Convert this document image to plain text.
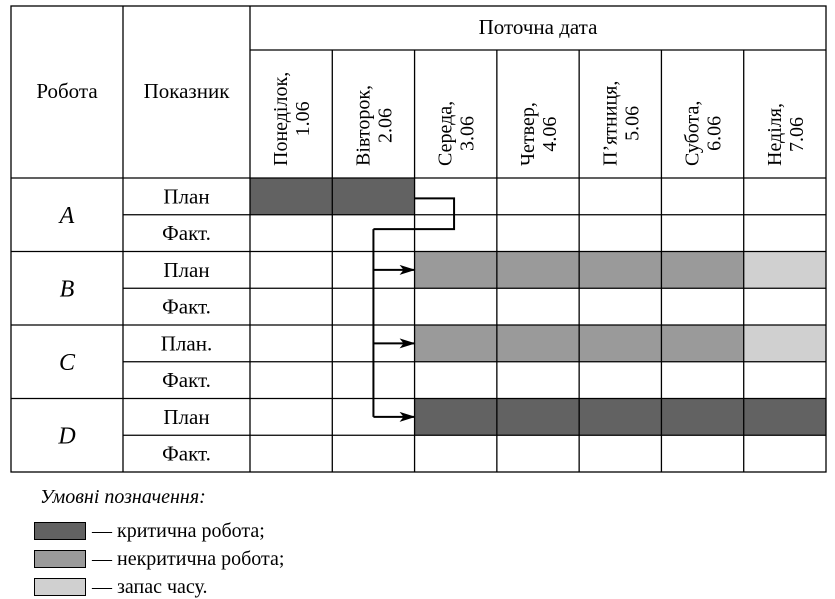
Робота Показник
Поточна дата
Понеділок, 1.06 Вівторок, 2.06 Середа, 3.06 Четвер, 4.06 П’ятниця, 5.06 Субота, 6.06 Неділя, 7.06
A
План
Факт.
B
План
Факт.
C
План.
Факт.
D
План
Факт.
Умовні позначення:
— критична робота;
— некритична робота;
— запас часу.
